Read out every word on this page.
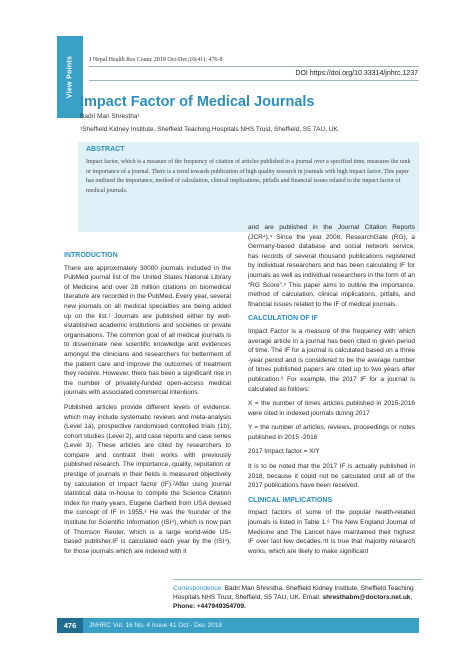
View Points	J Nepal Health Res Counc 2018 Oct-Dec;16(41): 476-8
DOI https://doi.org/10.33314/jnhrc.1237
Impact Factor of Medical Journals
Badri Man Shrestha¹
¹Sheffield Kidney Institute, Sheffield Teaching Hospitals NHS Trust, Sheffield, S5 7AU, UK.
ABSTRACT

Impact factor, which is a measure of the frequency of citation of articles published in a journal over a specified time, measures the rank or importance of a journal. There is a trend towards publication of high quality research in journals with high impact factor. This paper has outlined the importance, method of calculation, clinical implications, pitfalls and financial issues related to the impact factor of medical journals.

INTRODUCTION

There are approximately 30000 journals included in the PubMed journal list of the United States National Library of Medicine and over 28 million citations on biomedical literature are recorded in the PubMed. Every year, several new journals on all medical specialties are being added up on the list.¹ Journals are published either by well-established academic institutions and societies or private organisations. The common goal of all medical journals is to disseminate new scientific knowledge and evidences amongst the clinicians and researchers for betterment of the patient care and improve the outcomes of treatment they receive. However, there has been a significant rise in the number of privately-funded open-access medical journals with associated commercial intentions.

Published articles provide different levels of evidence, which may include systematic reviews and meta-analysis (Level 1a), prospective randomised controlled trials (1b), cohort studies (Level 2), and case reports and case series (Level 3). These articles are cited by researchers to compare and contrast their works with previously published research. The importance, quality, reputation or prestige of journals in their fields is measured objectively by calculation of Impact factor (IF).²After using journal statistical data in-house to compile the Science Citation Index for many years, Eugene Garfield from USA devised the concept of IF in 1955.³ He was the founder of the Institute for Scientific Information (ISI⁴), which is now part of Thomson Reuter, which is a large world-wide US-based publisher.IF is calculated each year by the (ISI⁴), for those journals which are indexed with it

and are published in the Journal Citation Reports (JCR⁴).⁴ Since the year 2008, ResearchGate (RG), a Germany-based database and social network service, has records of several thousand publications registered by individual researchers and has been calculating IF for journals as well as individual researchers in the form of an “RG Score”.⁵ This paper aims to outline the importance, method of calculation, clinical implications, pitfalls, and financial issues related to the IF of medical journals.

CALCULATION OF IF

Impact Factor is a measure of the frequency with which average article in a journal has been cited in given period of time. The IF for a journal is calculated based on a three -year period and is considered to be the average number of times published papers are cited up to two years after publication.⁶ For example, the 2017 IF for a journal is calculated as follows:

X = the number of times articles published in 2015-2016 were cited in indexed journals during 2017

Y = the number of articles, reviews, proceedings or notes published in 2015 -2016

2017 Impact factor = X/Y

It is to be noted that the 2017 IF is actually published in 2018, because it could not be calculated until all of the 2017 publications have been received.

CLINICAL IMPLICATIONS

Impact factors of some of the popular health-related journals is listed in Table 1.⁶ The New England Journal of Medicine and The Lancet have maintained their highest IF over last few decades.⁷It is true that majority research works, which are likely to make significant

Correspondence: Badri Man Shrestha, Sheffield Kidney Institute, Sheffield Teaching Hospitals NHS Trust, Sheffield, S5 7AU, UK. Email: shresthabm@doctors.net.uk, Phone: +447949354709.
476	JNHRC Vol. 16 No. 4 Issue 41 Oct - Dec 2018
